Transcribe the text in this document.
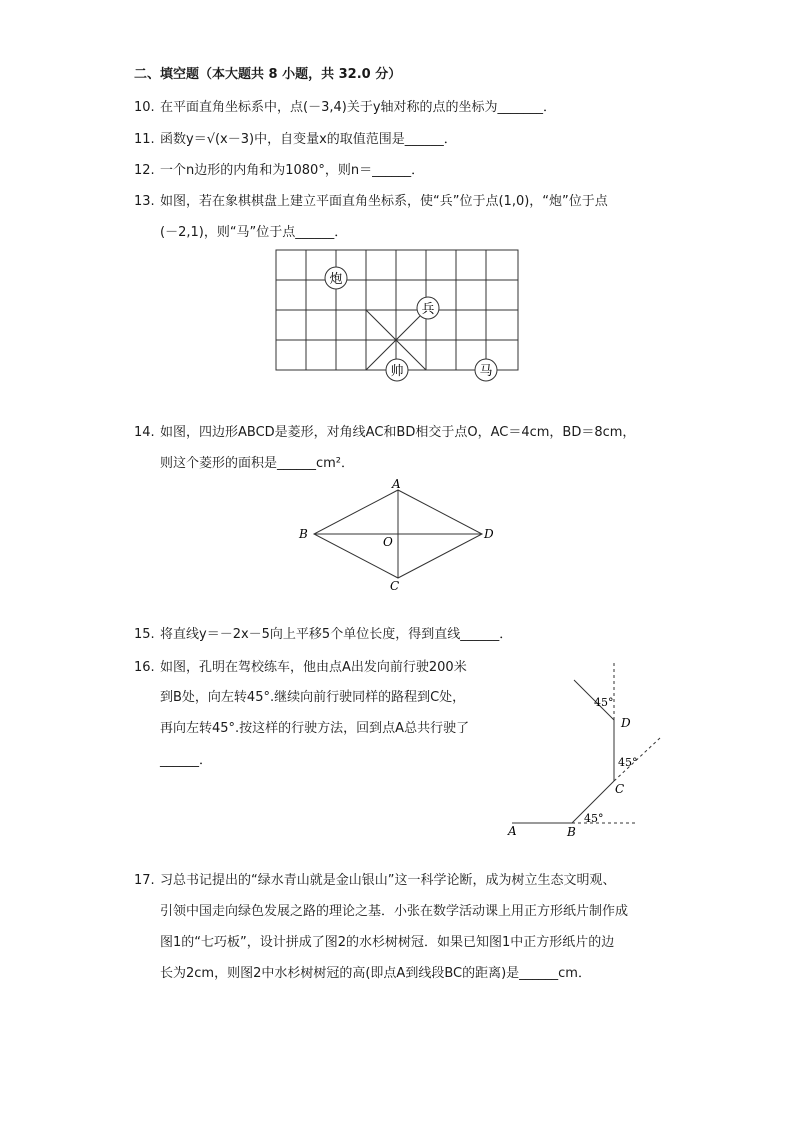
二、填空题（本大题共 8 小题，共 32.0 分）
10. 在平面直角坐标系中，点(－3,4)关于y轴对称的点的坐标为_______．
11. 函数y＝√(x－3)中，自变量x的取值范围是______．
12. 一个n边形的内角和为1080°，则n＝______．
13. 如图，若在象棋棋盘上建立平面直角坐标系，使“兵”位于点(1,0)，“炮”位于点
(－2,1)，则“马”位于点______．
炮
兵
帅	马
14. 如图，四边形ABCD是菱形，对角线AC和BD相交于点O，AC＝4cm，BD＝8cm，
则这个菱形的面积是______cm²．
A
B
C
D
O
15. 将直线y＝－2x－5向上平移5个单位长度，得到直线______．
16. 如图，孔明在驾校练车，他由点A出发向前行驶200米
到B处，向左转45°.继续向前行驶同样的路程到C处，
再向左转45°.按这样的行驶方法，回到点A总共行驶了
______．
A	B
C
D
45°
45°
45°
17. 习总书记提出的“绿水青山就是金山银山”这一科学论断，成为树立生态文明观、
引领中国走向绿色发展之路的理论之基．小张在数学活动课上用正方形纸片制作成
图1的“七巧板”，设计拼成了图2的水杉树树冠．如果已知图1中正方形纸片的边
长为2cm，则图2中水杉树树冠的高(即点A到线段BC的距离)是______cm．
